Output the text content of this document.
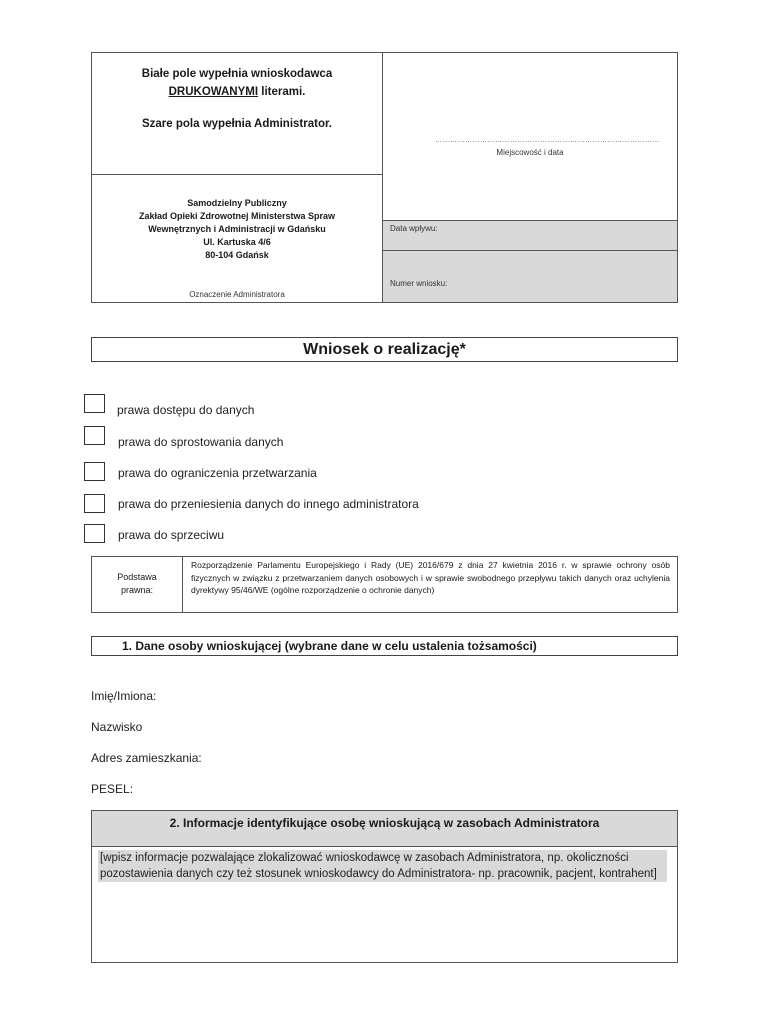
Białe pole wypełnia wnioskodawca
DRUKOWANYMI literami.
Szare pola wypełnia Administrator.
Samodzielny Publiczny
Zakład Opieki Zdrowotnej Ministerstwa Spraw
Wewnętrznych i Administracji w Gdańsku
Ul. Kartuska 4/6
80-104 Gdańsk
Oznaczenie Administratora
………………………………………………………………………………
Miejscowość i data
Data wpływu:
Numer wniosku:
Wniosek o realizację*
prawa dostępu do danych
prawa do sprostowania danych
prawa do ograniczenia przetwarzania
prawa do przeniesienia danych do innego administratora
prawa do sprzeciwu
Podstawa
prawna:
Rozporządzenie Parlamentu Europejskiego i Rady (UE) 2016/679 z dnia 27 kwietnia 2016 r. w sprawie ochrony osób fizycznych w związku z przetwarzaniem danych osobowych i w sprawie swobodnego przepływu takich danych oraz uchylenia dyrektywy 95/46/WE (ogólne rozporządzenie o ochronie danych)
1. Dane osoby wnioskującej (wybrane dane w celu ustalenia tożsamości)
Imię/Imiona:
Nazwisko
Adres zamieszkania:
PESEL:
2. Informacje identyfikujące osobę wnioskującą w zasobach Administratora
[wpisz informacje pozwalające zlokalizować wnioskodawcę w zasobach Administratora, np. okoliczności pozostawienia danych czy też stosunek wnioskodawcy do Administratora- np. pracownik, pacjent, kontrahent]
